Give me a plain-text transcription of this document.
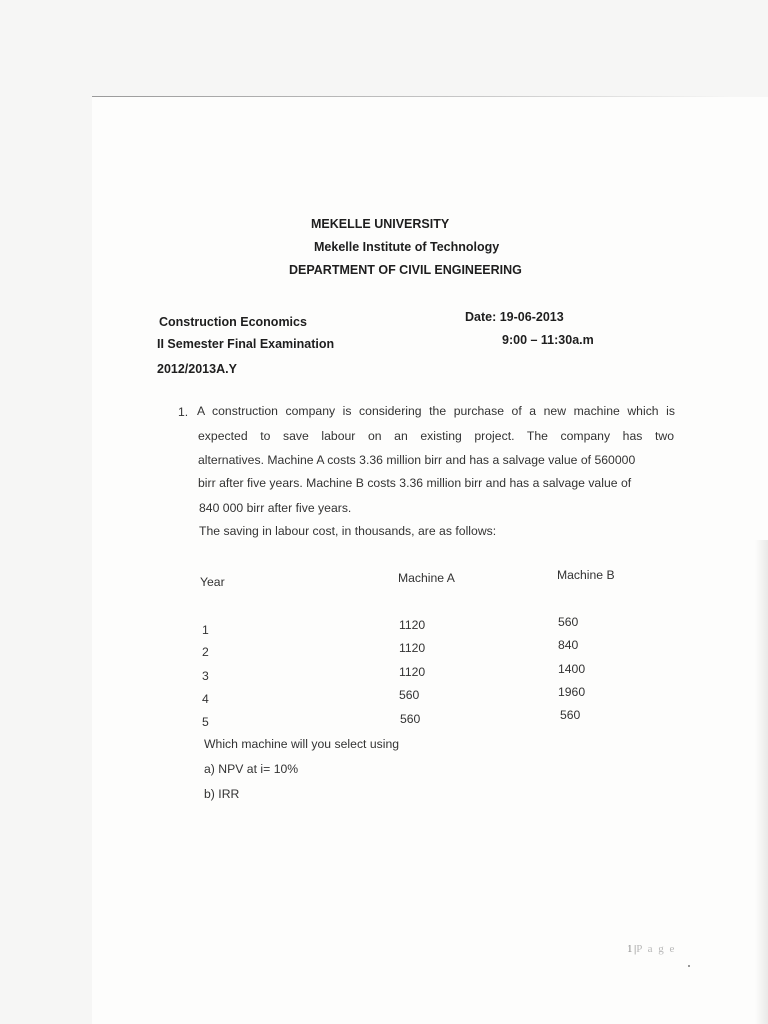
MEKELLE UNIVERSITY
Mekelle Institute of Technology
DEPARTMENT OF CIVIL ENGINEERING
Construction Economics
II Semester Final Examination
2012/2013A.Y
Date: 19-06-2013
9:00 – 11:30a.m
1. A construction company is considering the purchase of a new machine which is
expected to save labour on an existing project. The company has two
alternatives. Machine A costs 3.36 million birr and has a salvage value of 560000
birr after five years. Machine B costs 3.36 million birr and has a salvage value of
840 000 birr after five years.
The saving in labour cost, in thousands, are as follows:
Year	Machine A	Machine B
1	1120	560
2	1120	840
3	1120	1400
4	560	1960
5	560	560
Which machine will you select using
a) NPV at i= 10%
b) IRR
1|P a g e
